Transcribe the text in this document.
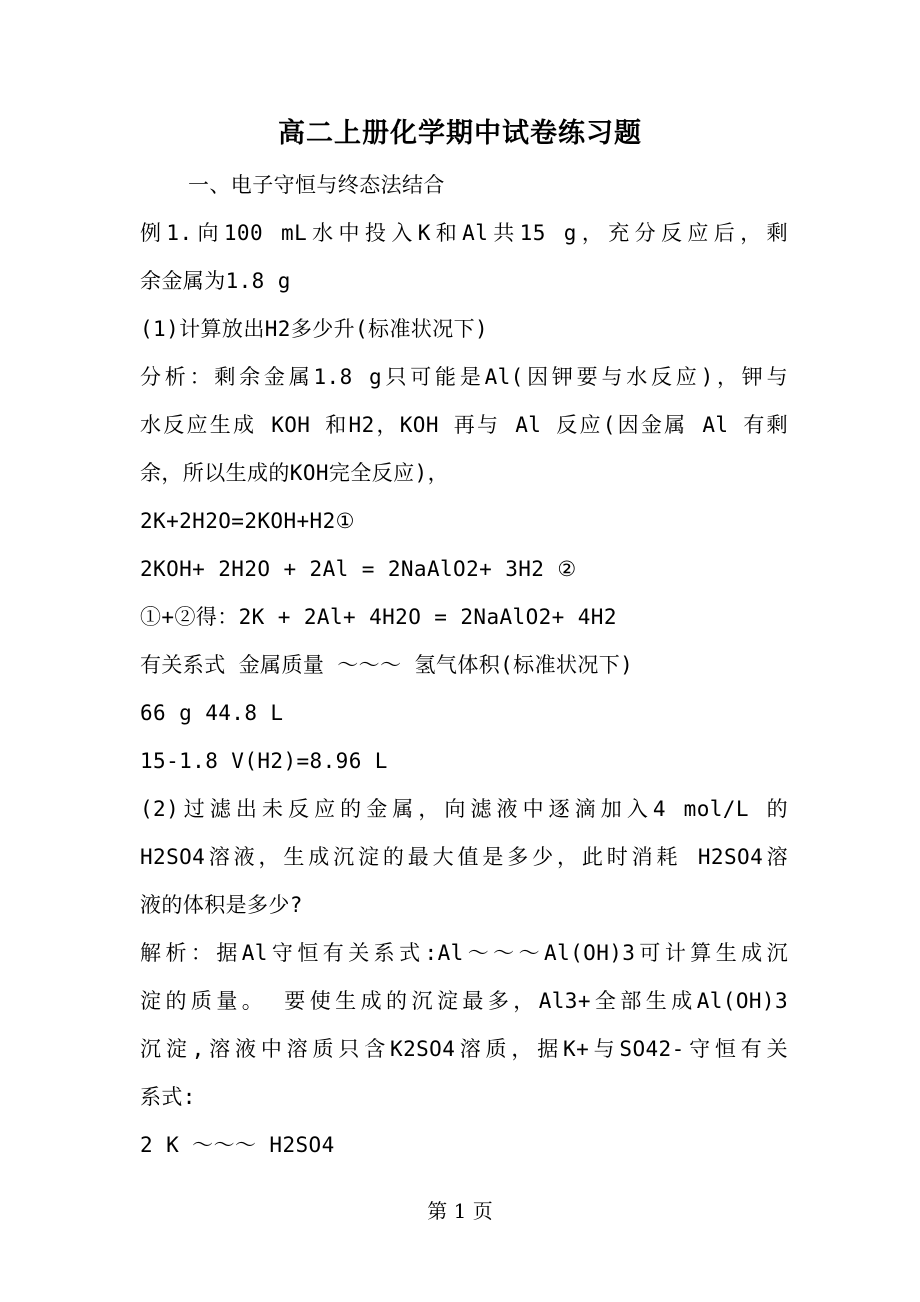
高二上册化学期中试卷练习题
一、电子守恒与终态法结合
例1.向100 mL水中投入K和Al共15 g，充分反应后，剩
余金属为1.8 g
(1)计算放出H2多少升(标准状况下)
分析：剩余金属1.8 g只可能是Al(因钾要与水反应)，钾与
水反应生成 KOH 和H2，KOH 再与 Al 反应(因金属 Al 有剩
余，所以生成的KOH完全反应)，
2K+2H2O=2KOH+H2①
2KOH+ 2H2O + 2Al = 2NaAlO2+ 3H2 ②
①+②得：2K + 2Al+ 4H2O = 2NaAlO2+ 4H2
有关系式 金属质量 ～～～ 氢气体积(标准状况下)
66 g 44.8 L
15-1.8 V(H2)=8.96 L
(2)过滤出未反应的金属，向滤液中逐滴加入4 mol/L 的
H2SO4溶液，生成沉淀的最大值是多少，此时消耗 H2SO4溶
液的体积是多少?
解析：据Al守恒有关系式:Al～～～Al(OH)3可计算生成沉
淀的质量。 要使生成的沉淀最多，Al3+全部生成Al(OH)3
沉淀,溶液中溶质只含K2SO4溶质，据K+与SO42-守恒有关
系式:
2 K ～～～ H2SO4
第 1 页
